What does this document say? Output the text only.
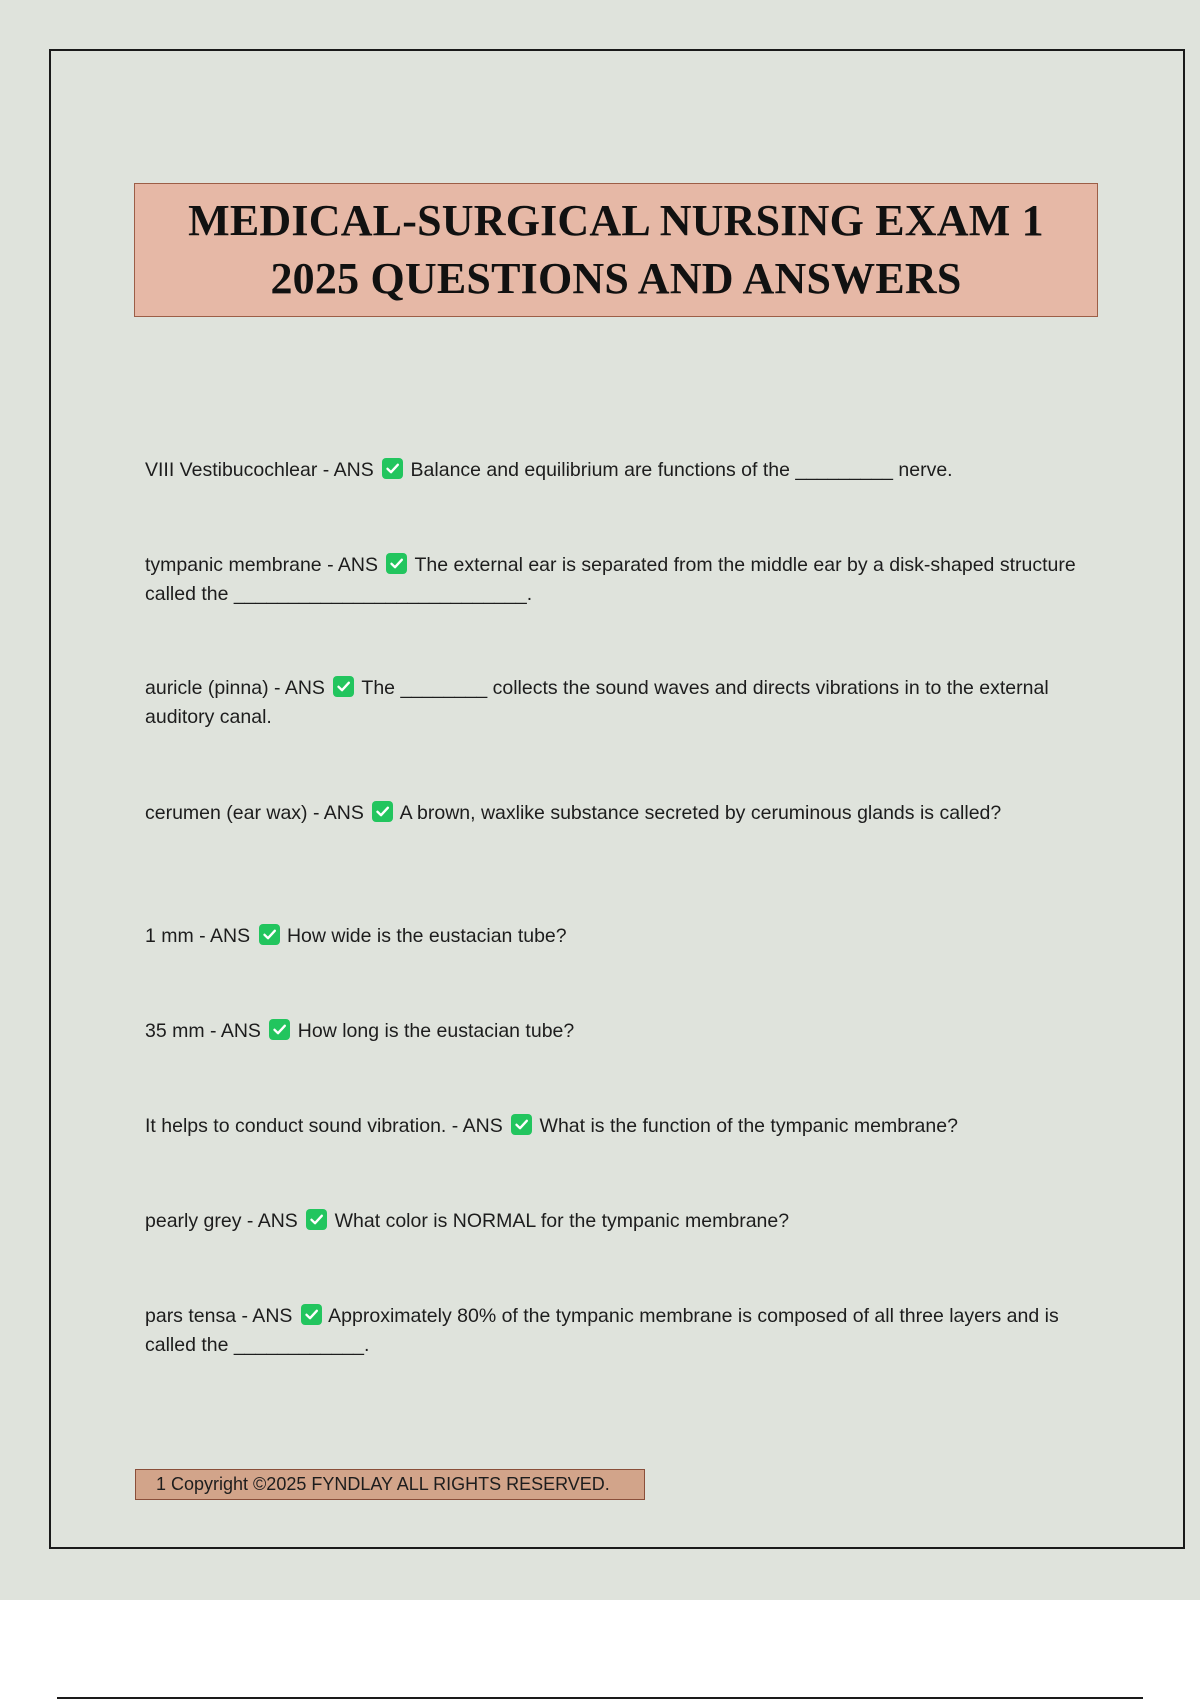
MEDICAL-SURGICAL NURSING EXAM 1
2025 QUESTIONS AND ANSWERS
VIII Vestibucochlear - ANS Balance and equilibrium are functions of the _________ nerve.
tympanic membrane - ANS The external ear is separated from the middle ear by a disk-shaped structure called the ___________________________.
auricle (pinna) - ANS The ________ collects the sound waves and directs vibrations in to the external auditory canal.
cerumen (ear wax) - ANS A brown, waxlike substance secreted by ceruminous glands is called?
1 mm - ANS How wide is the eustacian tube?
35 mm - ANS How long is the eustacian tube?
It helps to conduct sound vibration. - ANS What is the function of the tympanic membrane?
pearly grey - ANS What color is NORMAL for the tympanic membrane?
pars tensa - ANS Approximately 80% of the tympanic membrane is composed of all three layers and is called the ____________.
1 Copyright ©2025 FYNDLAY ALL RIGHTS RESERVED.
